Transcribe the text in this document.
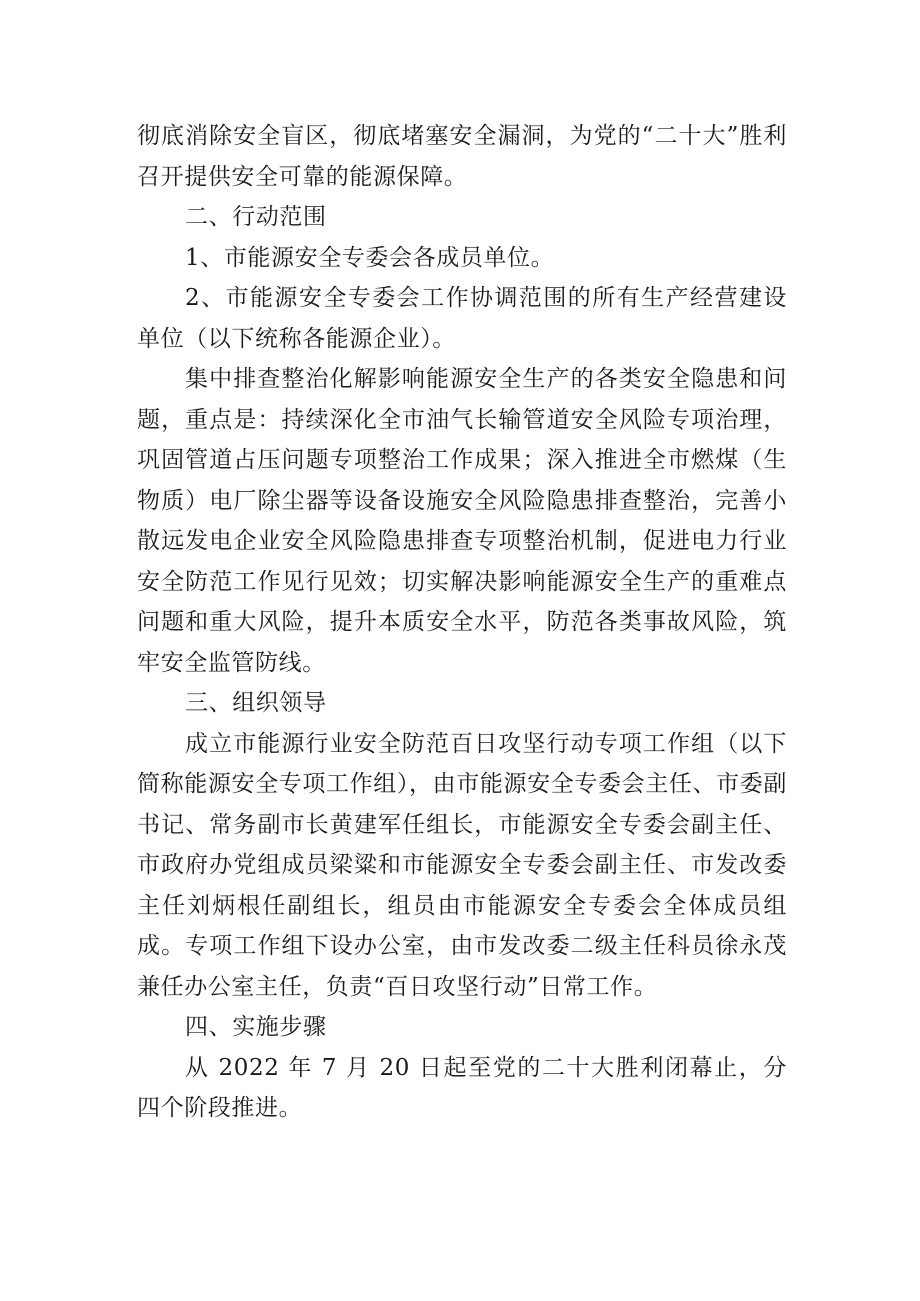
彻底消除安全盲区，彻底堵塞安全漏洞，为党的“二十大”胜利召开提供安全可靠的能源保障。

二、行动范围

1、市能源安全专委会各成员单位。

2、市能源安全专委会工作协调范围的所有生产经营建设单位（以下统称各能源企业）。

集中排查整治化解影响能源安全生产的各类安全隐患和问题，重点是：持续深化全市油气长输管道安全风险专项治理，巩固管道占压问题专项整治工作成果；深入推进全市燃煤（生物质）电厂除尘器等设备设施安全风险隐患排查整治，完善小散远发电企业安全风险隐患排查专项整治机制，促进电力行业安全防范工作见行见效；切实解决影响能源安全生产的重难点问题和重大风险，提升本质安全水平，防范各类事故风险，筑牢安全监管防线。

三、组织领导

成立市能源行业安全防范百日攻坚行动专项工作组（以下简称能源安全专项工作组），由市能源安全专委会主任、市委副书记、常务副市长黄建军任组长，市能源安全专委会副主任、市政府办党组成员梁粱和市能源安全专委会副主任、市发改委主任刘炳根任副组长，组员由市能源安全专委会全体成员组成。专项工作组下设办公室，由市发改委二级主任科员徐永茂兼任办公室主任，负责“百日攻坚行动”日常工作。

四、实施步骤

从 2022 年 7 月 20 日起至党的二十大胜利闭幕止，分四个阶段推进。
